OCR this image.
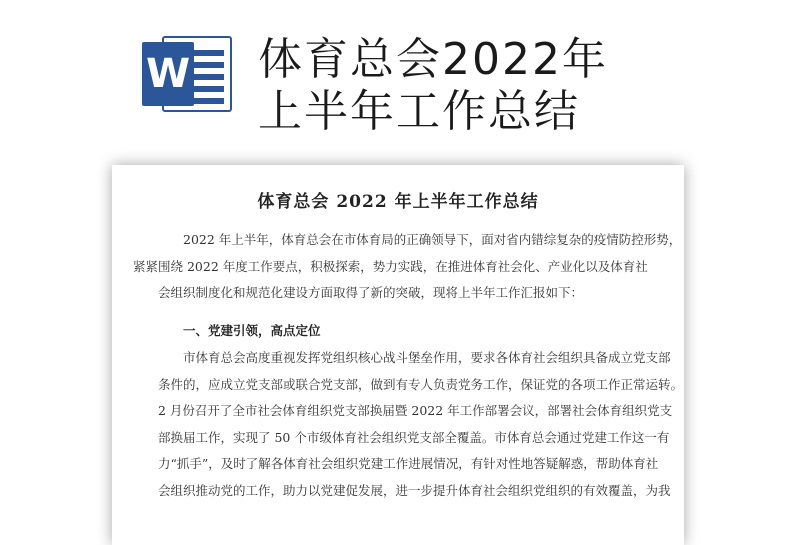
W 体育总会2022年
上半年工作总结
体育总会 2022 年上半年工作总结
2022 年上半年，体育总会在市体育局的正确领导下，面对省内错综复杂的疫情防控形势，
紧紧围绕 2022 年度工作要点，积极探索，势力实践，在推进体育社会化、产业化以及体育社
会组织制度化和规范化建设方面取得了新的突破，现将上半年工作汇报如下：
一、党建引领，高点定位
市体育总会高度重视发挥党组织核心战斗堡垒作用，要求各体育社会组织具备成立党支部
条件的，应成立党支部或联合党支部，做到有专人负责党务工作，保证党的各项工作正常运转。
2 月份召开了全市社会体育组织党支部换届暨 2022 年工作部署会议，部署社会体育组织党支
部换届工作，实现了 50 个市级体育社会组织党支部全覆盖。市体育总会通过党建工作这一有
力“抓手”，及时了解各体育社会组织党建工作进展情况，有针对性地答疑解惑，帮助体育社
会组织推动党的工作，助力以党建促发展，进一步提升体育社会组织党组织的有效覆盖，为我
